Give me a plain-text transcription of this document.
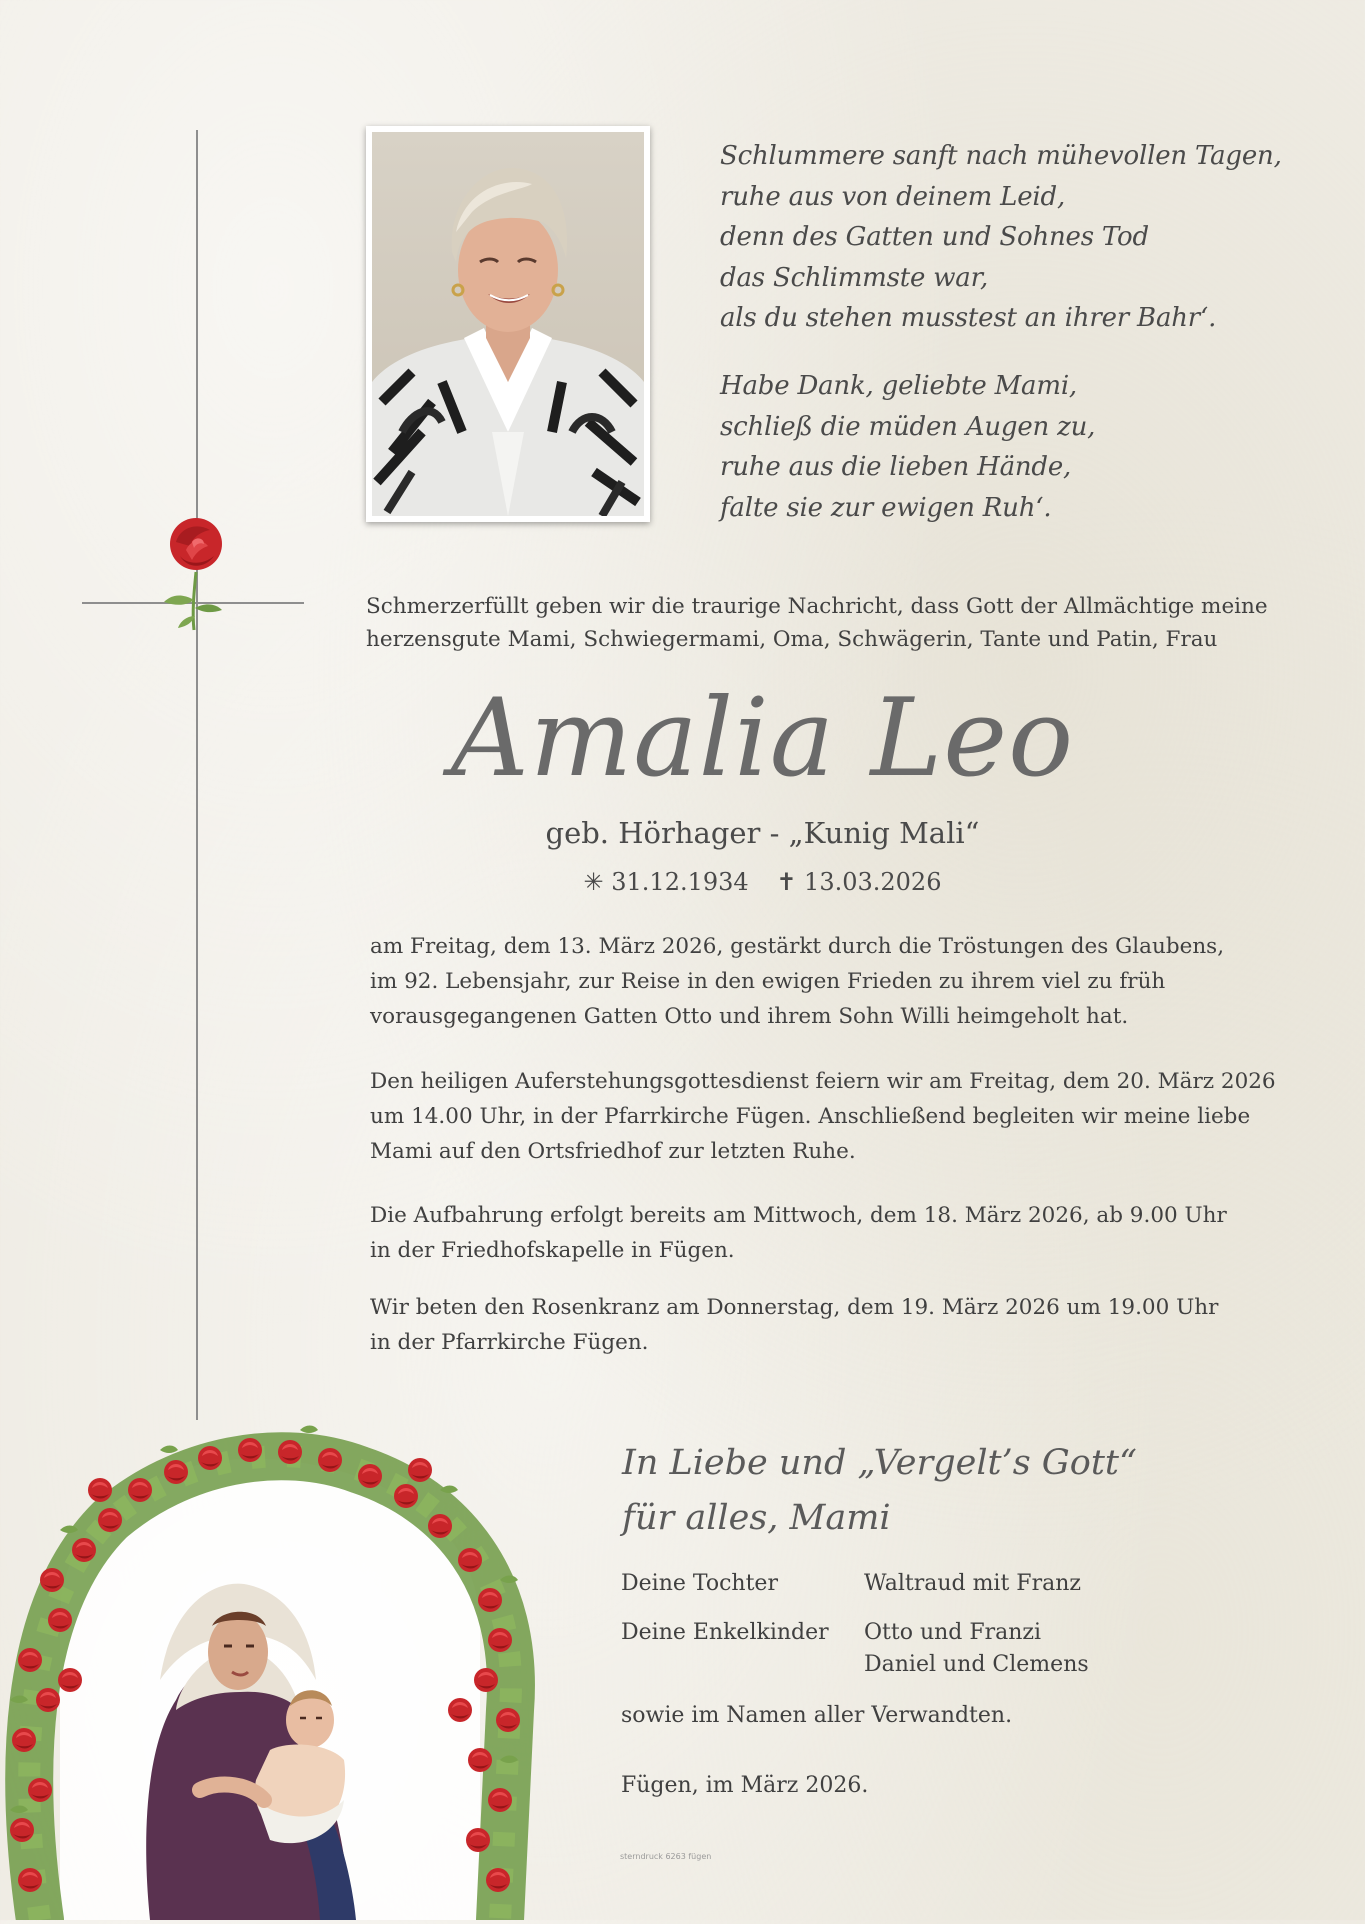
Schlummere sanft nach mühevollen Tagen,
ruhe aus von deinem Leid,
denn des Gatten und Sohnes Tod
das Schlimmste war,
als du stehen musstest an ihrer Bahr‘.
Habe Dank, geliebte Mami,
schließ die müden Augen zu,
ruhe aus die lieben Hände,
falte sie zur ewigen Ruh‘.
Schmerzerfüllt geben wir die traurige Nachricht, dass Gott der Allmächtige meine
herzensgute Mami, Schwiegermami, Oma, Schwägerin, Tante und Patin, Frau
Amalia Leo
geb. Hörhager - „Kunig Mali“
✳ 31.12.1934 ✝ 13.03.2026
am Freitag, dem 13. März 2026, gestärkt durch die Tröstungen des Glaubens,
im 92. Lebensjahr, zur Reise in den ewigen Frieden zu ihrem viel zu früh
vorausgegangenen Gatten Otto und ihrem Sohn Willi heimgeholt hat.
Den heiligen Auferstehungsgottesdienst feiern wir am Freitag, dem 20. März 2026
um 14.00 Uhr, in der Pfarrkirche Fügen. Anschließend begleiten wir meine liebe
Mami auf den Ortsfriedhof zur letzten Ruhe.
Die Aufbahrung erfolgt bereits am Mittwoch, dem 18. März 2026, ab 9.00 Uhr
in der Friedhofskapelle in Fügen.
Wir beten den Rosenkranz am Donnerstag, dem 19. März 2026 um 19.00 Uhr
in der Pfarrkirche Fügen.
In Liebe und „Vergelt’s Gott“
für alles, Mami
Deine Tochter	Waltraud mit Franz
Deine Enkelkinder Otto und Franzi
Daniel und Clemens
sowie im Namen aller Verwandten.
Fügen, im März 2026.
sterndruck 6263 fügen
